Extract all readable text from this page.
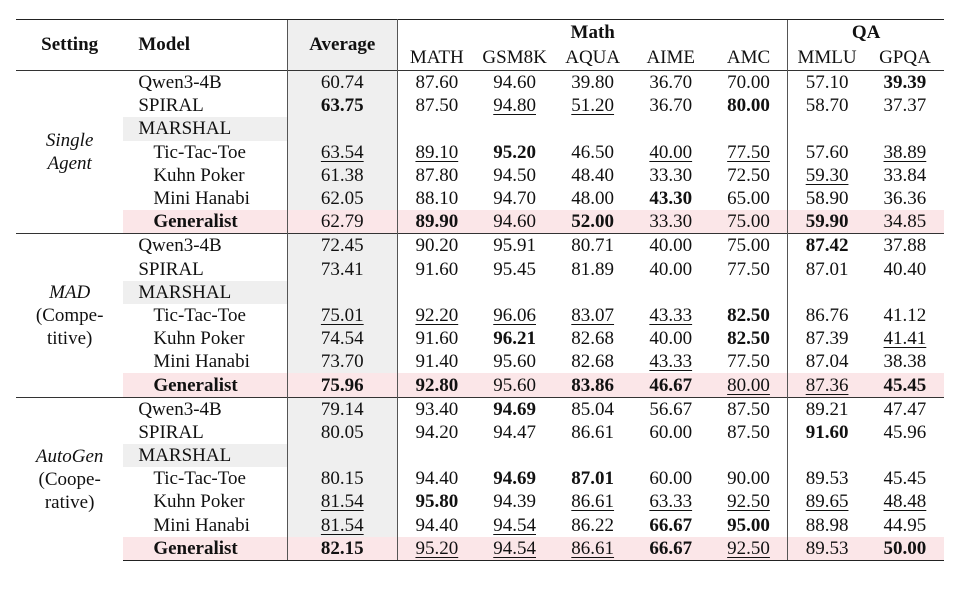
Setting	Model	Average	Math					QA	
			MATH	GSM8K	AQUA	AIME	AMC	MMLU	GPQA

Single
Agent	Qwen3-4B	60.74	87.60	94.60	39.80	36.70	70.00	57.10	39.39
	SPIRAL	63.75	87.50	94.80	51.20	36.70	80.00	58.70	37.37
	MARSHAL								
	Tic-Tac-Toe	63.54	89.10	95.20	46.50	40.00	77.50	57.60	38.89
	Kuhn Poker	61.38	87.80	94.50	48.40	33.30	72.50	59.30	33.84
	Mini Hanabi	62.05	88.10	94.70	48.00	43.30	65.00	58.90	36.36
	Generalist	62.79	89.90	94.60	52.00	33.30	75.00	59.90	34.85

MAD
(Compe-
titive)	Qwen3-4B	72.45	90.20	95.91	80.71	40.00	75.00	87.42	37.88
	SPIRAL	73.41	91.60	95.45	81.89	40.00	77.50	87.01	40.40
	MARSHAL								
	Tic-Tac-Toe	75.01	92.20	96.06	83.07	43.33	82.50	86.76	41.12
	Kuhn Poker	74.54	91.60	96.21	82.68	40.00	82.50	87.39	41.41
	Mini Hanabi	73.70	91.40	95.60	82.68	43.33	77.50	87.04	38.38
	Generalist	75.96	92.80	95.60	83.86	46.67	80.00	87.36	45.45

AutoGen
(Coope-
rative)	Qwen3-4B	79.14	93.40	94.69	85.04	56.67	87.50	89.21	47.47
	SPIRAL	80.05	94.20	94.47	86.61	60.00	87.50	91.60	45.96
	MARSHAL								
	Tic-Tac-Toe	80.15	94.40	94.69	87.01	60.00	90.00	89.53	45.45
	Kuhn Poker	81.54	95.80	94.39	86.61	63.33	92.50	89.65	48.48
	Mini Hanabi	81.54	94.40	94.54	86.22	66.67	95.00	88.98	44.95
	Generalist	82.15	95.20	94.54	86.61	66.67	92.50	89.53	50.00
